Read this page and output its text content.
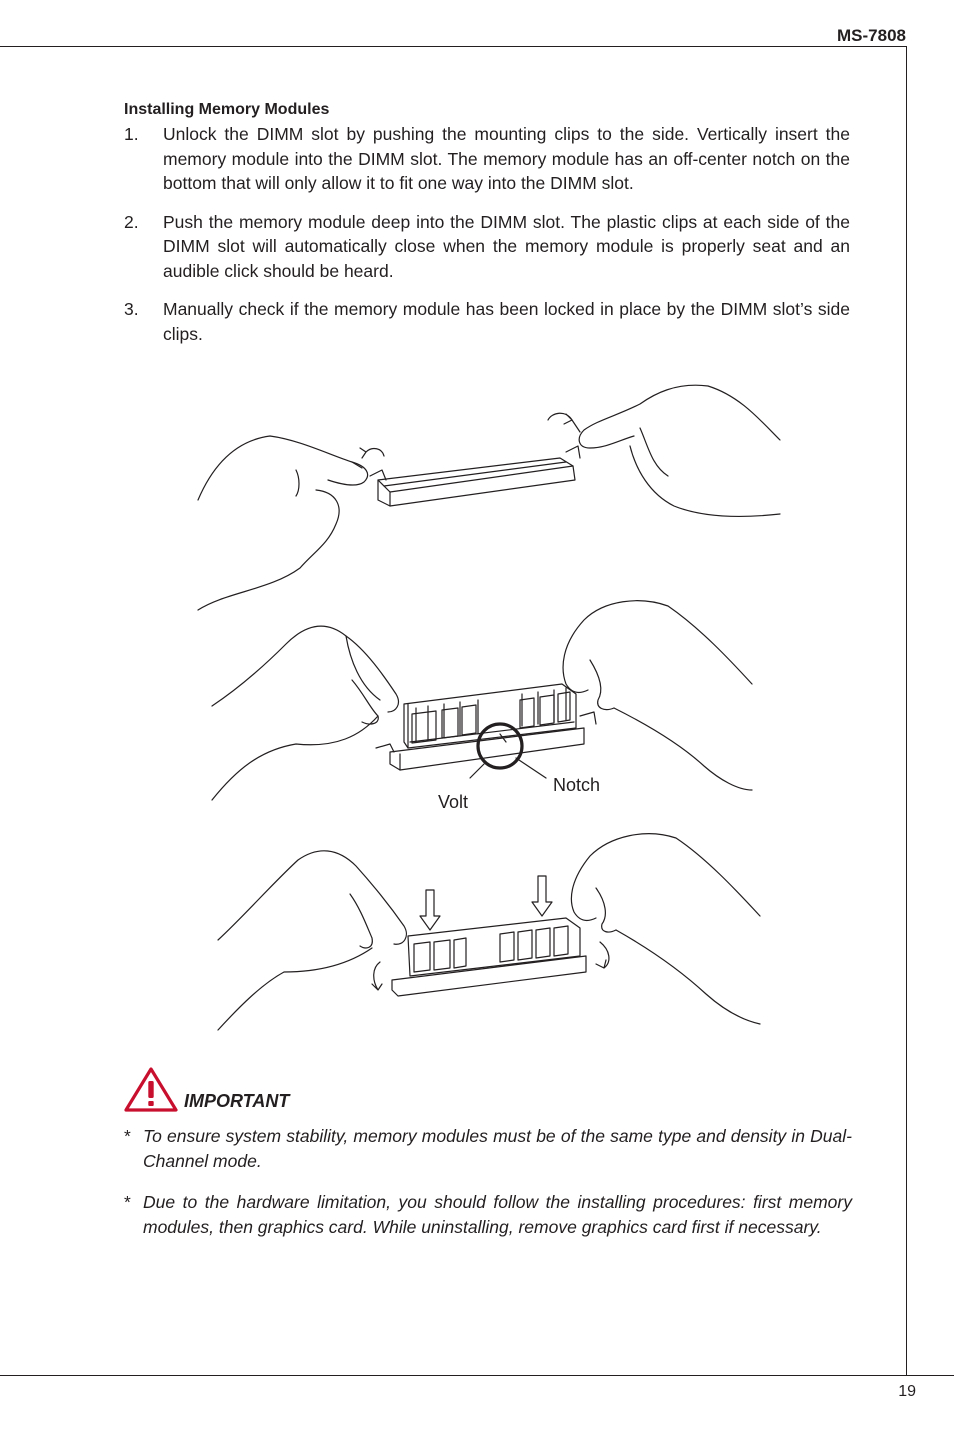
MS-7808
Installing Memory Modules
1. Unlock the DIMM slot by pushing the mounting clips to the side. Vertically insert the memory module into the DIMM slot. The memory module has an off-center notch on the bottom that will only allow it to fit one way into the DIMM slot.
2. Push the memory module deep into the DIMM slot. The plastic clips at each side of the DIMM slot will automatically close when the memory module is properly seat and an audible click should be heard.
3. Manually check if the memory module has been locked in place by the DIMM slot’s side clips.
Volt
Notch
IMPORTANT
* To ensure system stability, memory modules must be of the same type and density in Dual-Channel mode.
* Due to the hardware limitation, you should follow the installing procedures: first memory modules, then graphics card. While uninstalling, remove graphics card first if necessary.
19
